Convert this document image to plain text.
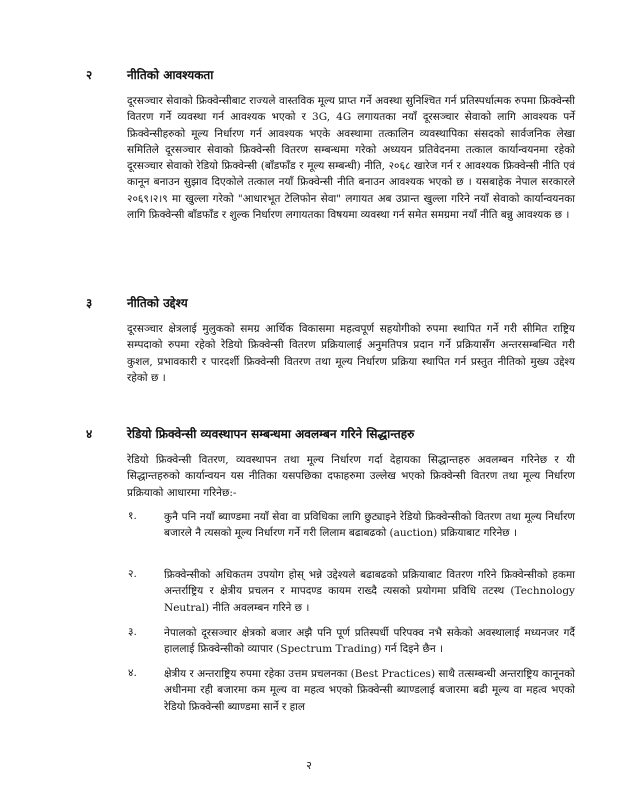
२	नीतिको आवश्यकता
दूरसञ्चार सेवाको फ्रिक्वेन्सीबाट राज्यले वास्तविक मूल्य प्राप्त गर्ने अवस्था सुनिश्चित गर्न प्रतिस्पर्धात्मक रुपमा फ्रिक्वेन्सी वितरण गर्ने व्यवस्था गर्न आवश्यक भएको र 3G, 4G लगायतका नयाँ दूरसञ्चार सेवाको लागि आवश्यक पर्ने फ्रिक्वेन्सीहरुको मूल्य निर्धारण गर्न आवश्यक भएके अवस्थामा तत्कालिन व्यवस्थापिका संसदको सार्वजनिक लेखा समितिले दूरसञ्चार सेवाको फ्रिक्वेन्सी वितरण सम्बन्धमा गरेको अध्ययन प्रतिवेदनमा तत्काल कार्यान्वयनमा रहेको दूरसञ्चार सेवाको रेडियो फ्रिक्वेन्सी (बाँडफाँड र मूल्य सम्बन्धी) नीति, २०६८ खारेज गर्न र आवश्यक फ्रिक्वेन्सी नीति एवं कानून बनाउन सुझाव दिएकोले तत्काल नयाँ फ्रिक्वेन्सी नीति बनाउन आवश्यक भएको छ । यसबाहेक नेपाल सरकारले २०६९।२।९ मा खुल्ला गरेको "आधारभूत टेलिफोन सेवा" लगायत अब उप्रान्त खुल्ला गरिने नयाँ सेवाको कार्यान्वयनका लागि फ्रिक्वेन्सी बाँडफाँड र शुल्क निर्धारण लगायतका विषयमा व्यवस्था गर्न समेत समग्रमा नयाँ नीति बन्नु आवश्यक छ ।
३	नीतिको उद्देश्य
दूरसञ्चार क्षेत्रलाई मुलुकको समग्र आर्थिक विकासमा महत्वपूर्ण सहयोगीको रुपमा स्थापित गर्ने गरी सीमित राष्ट्रिय सम्पदाको रुपमा रहेको रेडियो फ्रिक्वेन्सी वितरण प्रक्रियालाई अनुमतिपत्र प्रदान गर्ने प्रक्रियासँग अन्तरसम्बन्धित गरी कुशल, प्रभावकारी र पारदर्शी फ्रिक्वेन्सी वितरण तथा मूल्य निर्धारण प्रक्रिया स्थापित गर्न प्रस्तुत नीतिको मुख्य उद्देश्य रहेको छ ।
४	रेडियो फ्रिक्वेन्सी व्यवस्थापन सम्बन्धमा अवलम्बन गरिने सिद्धान्तहरु
रेडियो फ्रिक्वेन्सी वितरण, व्यवस्थापन तथा मूल्य निर्धारण गर्दा देहायका सिद्धान्तहरु अवलम्बन गरिनेछ र यी सिद्धान्तहरुको कार्यान्वयन यस नीतिका यसपछिका दफाहरुमा उल्लेख भएको फ्रिक्वेन्सी वितरण तथा मूल्य निर्धारण प्रक्रियाको आधारमा गरिनेछ:-
१.	कुनै पनि नयाँ ब्याण्डमा नयाँ सेवा वा प्रविधिका लागि छुट्याइने रेडियो फ्रिक्वेन्सीको वितरण तथा मूल्य निर्धारण बजारले नै त्यसको मूल्य निर्धारण गर्ने गरी लिलाम बढाबढको (auction) प्रक्रियाबाट गरिनेछ ।
२.	फ्रिक्वेन्सीको अधिकतम उपयोग होस् भन्ने उद्देश्यले बढाबढको प्रक्रियाबाट वितरण गरिने फ्रिक्वेन्सीको हकमा अन्तर्राष्ट्रिय र क्षेत्रीय प्रचलन र मापदण्ड कायम राख्दै त्यसको प्रयोगमा प्रविधि तटस्थ (Technology Neutral) नीति अवलम्बन गरिने छ ।
३.	नेपालको दूरसञ्चार क्षेत्रको बजार अझै पनि पूर्ण प्रतिस्पर्धी परिपक्व नभै सकेको अवस्थालाई मध्यनजर गर्दै हाललाई फ्रिक्वेन्सीको व्यापार (Spectrum Trading) गर्न दिइने छैन ।
४.	क्षेत्रीय र अन्तराष्ट्रिय रुपमा रहेका उत्तम प्रचलनका (Best Practices) साथै तत्सम्बन्धी अन्तराष्ट्रिय कानूनको अधीनमा रही बजारमा कम मूल्य वा महत्व भएको फ्रिक्वेन्सी ब्याण्डलाई बजारमा बढी मूल्य वा महत्व भएको रेडियो फ्रिक्वेन्सी ब्याण्डमा सार्ने र हाल
२
